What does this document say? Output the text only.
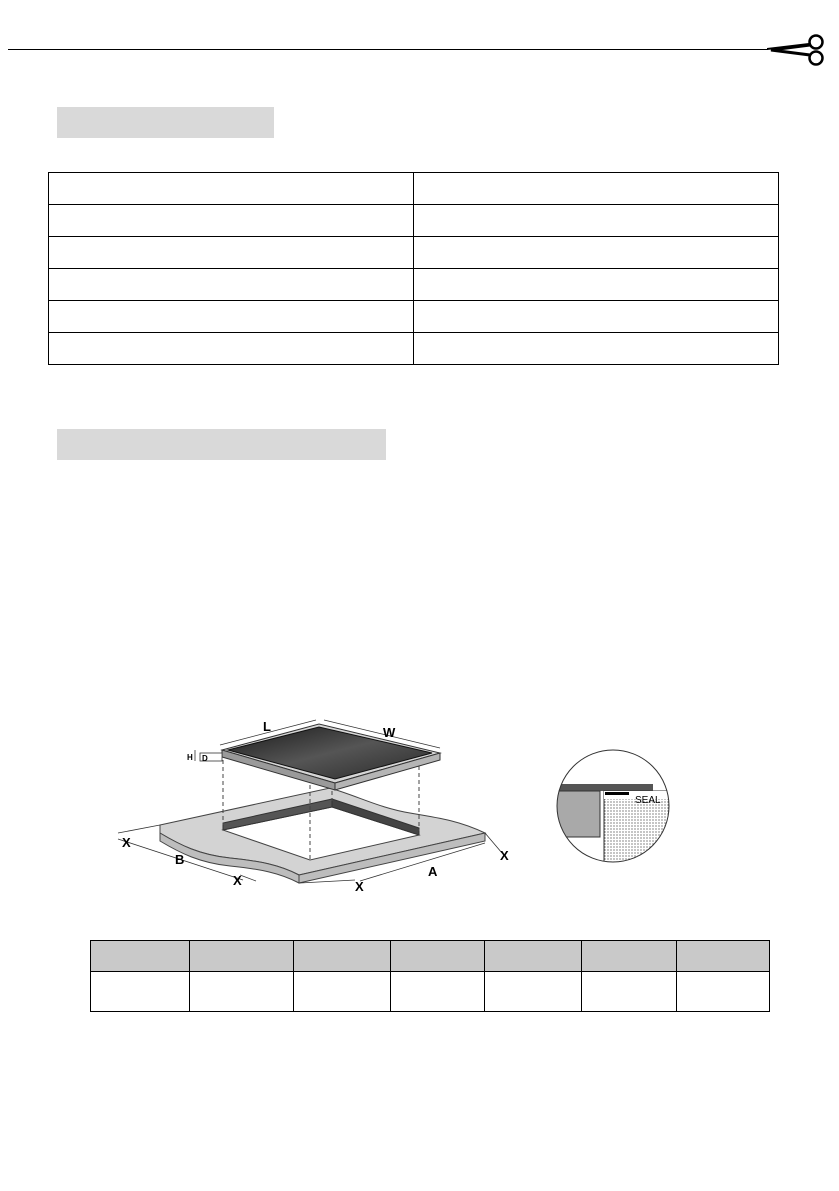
H D
L	W
X
B
X	X
A
X
SEAL
